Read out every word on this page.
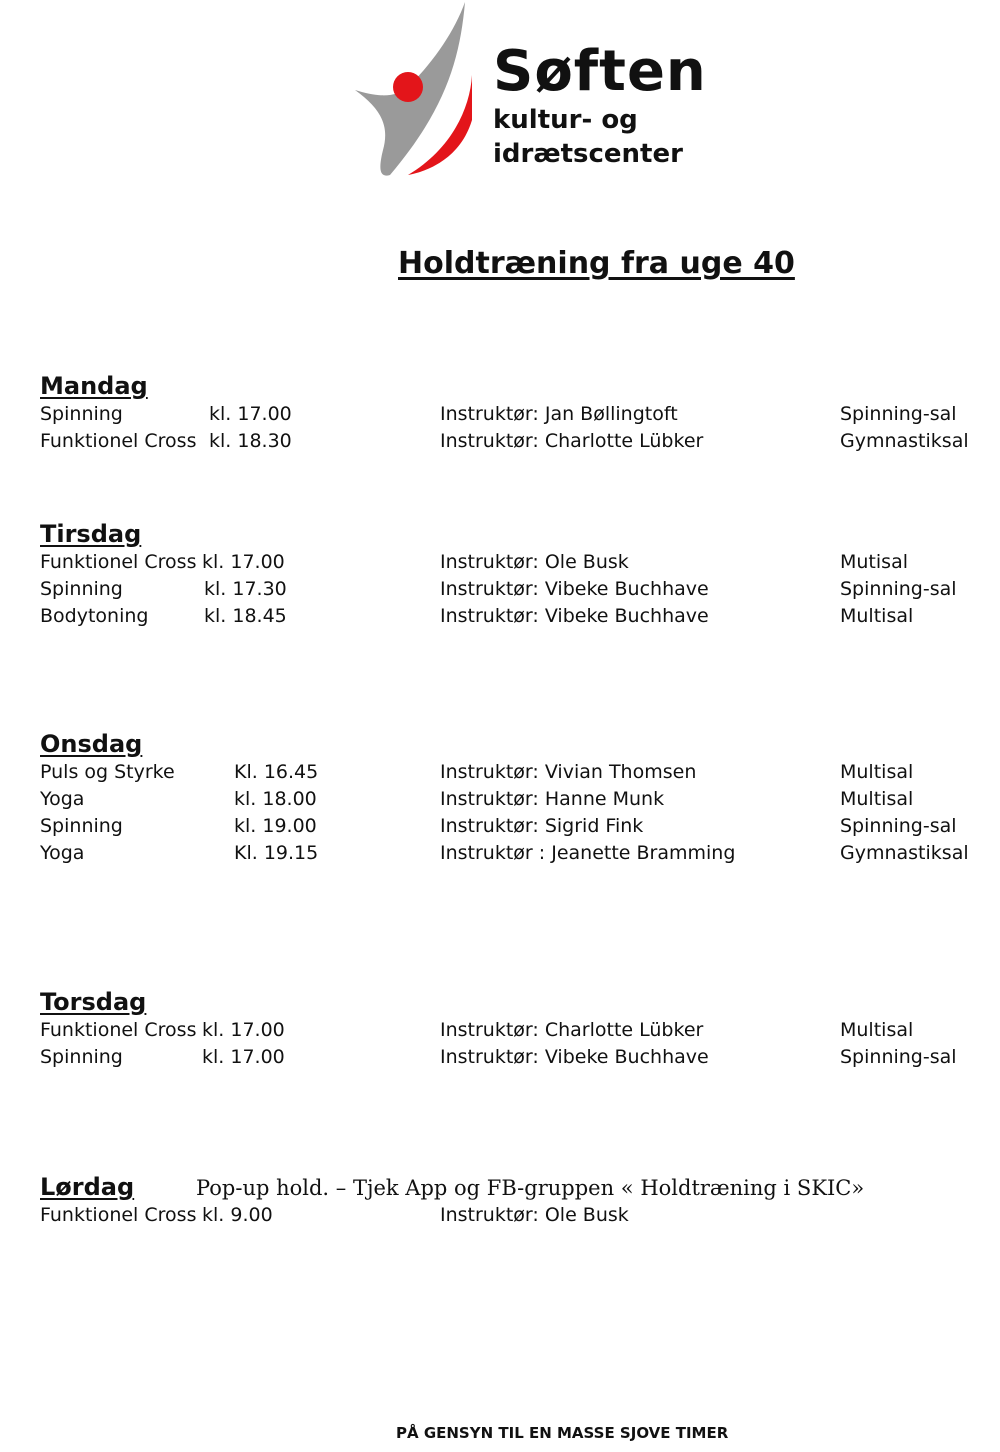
Søften
kultur- og
idrætscenter
Holdtræning fra uge 40
Mandag
Spinning	kl. 17.00	Instruktør: Jan Bøllingtoft	Spinning-sal
Funktionel Cross kl. 18.30	Instruktør: Charlotte Lübker	Gymnastiksal
Tirsdag
Funktionel Cross kl. 17.00	Instruktør: Ole Busk	Mutisal
Spinning	kl. 17.30	Instruktør: Vibeke Buchhave	Spinning-sal
Bodytoning	kl. 18.45	Instruktør: Vibeke Buchhave	Multisal
Onsdag
Puls og Styrke	Kl. 16.45	Instruktør: Vivian Thomsen	Multisal
Yoga	kl. 18.00	Instruktør: Hanne Munk	Multisal
Spinning	kl. 19.00	Instruktør: Sigrid Fink	Spinning-sal
Yoga	Kl. 19.15	Instruktør : Jeanette Bramming	Gymnastiksal
Torsdag
Funktionel Cross kl. 17.00	Instruktør: Charlotte Lübker	Multisal
Spinning	kl. 17.00	Instruktør: Vibeke Buchhave	Spinning-sal
Lørdag
Funktionel Cross kl. 9.00	Instruktør: Ole Busk
Pop-up hold. – Tjek App og FB-gruppen « Holdtræning i SKIC»
PÅ GENSYN TIL EN MASSE SJOVE TIMER
